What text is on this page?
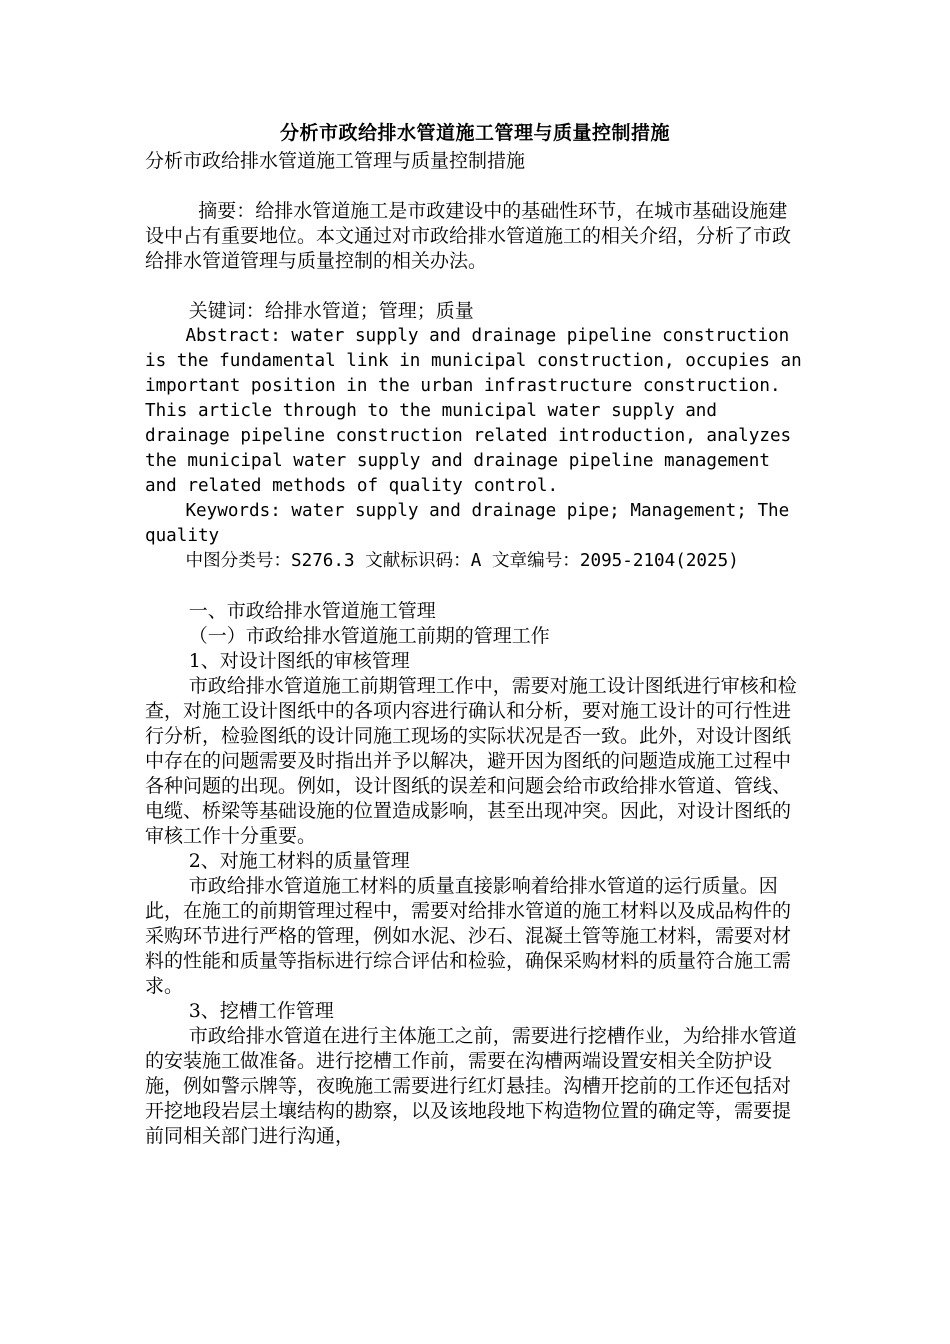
分析市政给排水管道施工管理与质量控制措施

分析市政给排水管道施工管理与质量控制措施

摘要：给排水管道施工是市政建设中的基础性环节，在城市基础设施建设中占有重要地位。本文通过对市政给排水管道施工的相关介绍，分析了市政给排水管道管理与质量控制的相关办法。

关键词：给排水管道；管理；质量

Abstract: water supply and drainage pipeline construction is the fundamental link in municipal construction, occupies an important position in the urban infrastructure construction. This article through to the municipal water supply and drainage pipeline construction related introduction, analyzes the municipal water supply and drainage pipeline management and related methods of quality control.

Keywords: water supply and drainage pipe; Management; The quality

中图分类号：S276.3 文献标识码：A 文章编号：2095-2104(2025)

一、市政给排水管道施工管理

（一）市政给排水管道施工前期的管理工作

1、对设计图纸的审核管理

市政给排水管道施工前期管理工作中，需要对施工设计图纸进行审核和检查，对施工设计图纸中的各项内容进行确认和分析，要对施工设计的可行性进行分析，检验图纸的设计同施工现场的实际状况是否一致。此外，对设计图纸中存在的问题需要及时指出并予以解决，避开因为图纸的问题造成施工过程中各种问题的出现。例如，设计图纸的误差和问题会给市政给排水管道、管线、电缆、桥梁等基础设施的位置造成影响，甚至出现冲突。因此，对设计图纸的审核工作十分重要。

2、对施工材料的质量管理

市政给排水管道施工材料的质量直接影响着给排水管道的运行质量。因此，在施工的前期管理过程中，需要对给排水管道的施工材料以及成品构件的采购环节进行严格的管理，例如水泥、沙石、混凝土管等施工材料，需要对材料的性能和质量等指标进行综合评估和检验，确保采购材料的质量符合施工需求。

3、挖槽工作管理

市政给排水管道在进行主体施工之前，需要进行挖槽作业，为给排水管道的安装施工做准备。进行挖槽工作前，需要在沟槽两端设置安相关全防护设施，例如警示牌等，夜晚施工需要进行红灯悬挂。沟槽开挖前的工作还包括对开挖地段岩层土壤结构的勘察，以及该地段地下构造物位置的确定等，需要提前同相关部门进行沟通，
